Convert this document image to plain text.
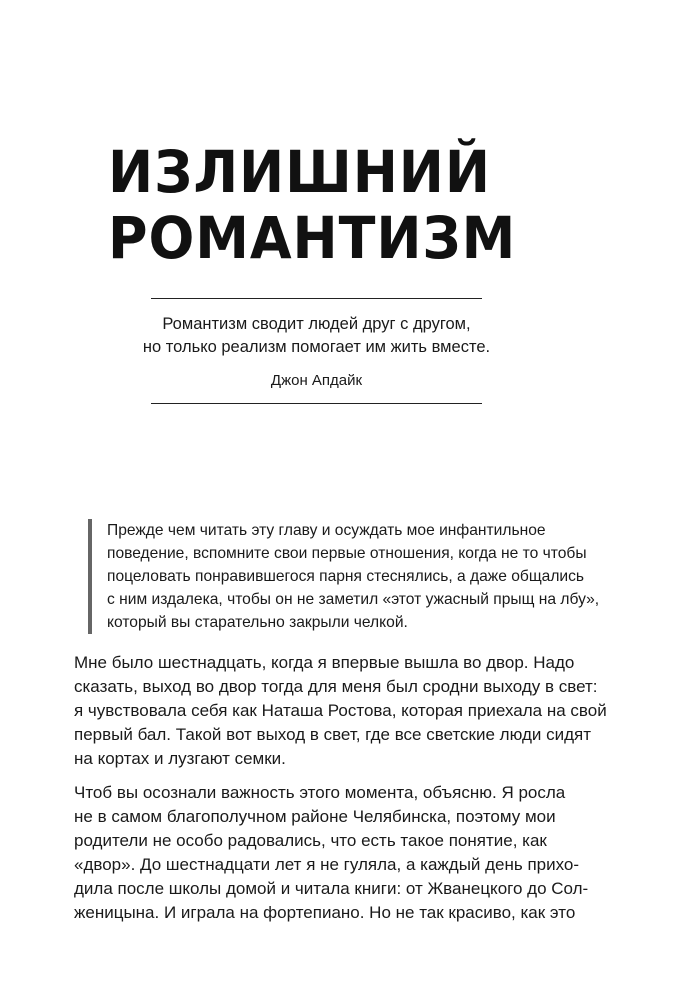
ИЗЛИШНИЙ
РОМАНТИЗМ
Романтизм сводит людей друг с другом,
но только реализм помогает им жить вместе.
Джон Апдайк
Прежде чем читать эту главу и осуждать мое инфантильное
поведение, вспомните свои первые отношения, когда не то чтобы
поцеловать понравившегося парня стеснялись, а даже общались
с ним издалека, чтобы он не заметил «этот ужасный прыщ на лбу»,
который вы старательно закрыли челкой.

Мне было шестнадцать, когда я впервые вышла во двор. Надо
сказать, выход во двор тогда для меня был сродни выходу в свет:
я чувствовала себя как Наташа Ростова, которая приехала на свой
первый бал. Такой вот выход в свет, где все светские люди сидят
на кортах и лузгают семки.

Чтоб вы осознали важность этого момента, объясню. Я росла
не в самом благополучном районе Челябинска, поэтому мои
родители не особо радовались, что есть такое понятие, как
«двор». До шестнадцати лет я не гуляла, а каждый день прихо-
дила после школы домой и читала книги: от Жванецкого до Сол-
женицына. И играла на фортепиано. Но не так красиво, как это
